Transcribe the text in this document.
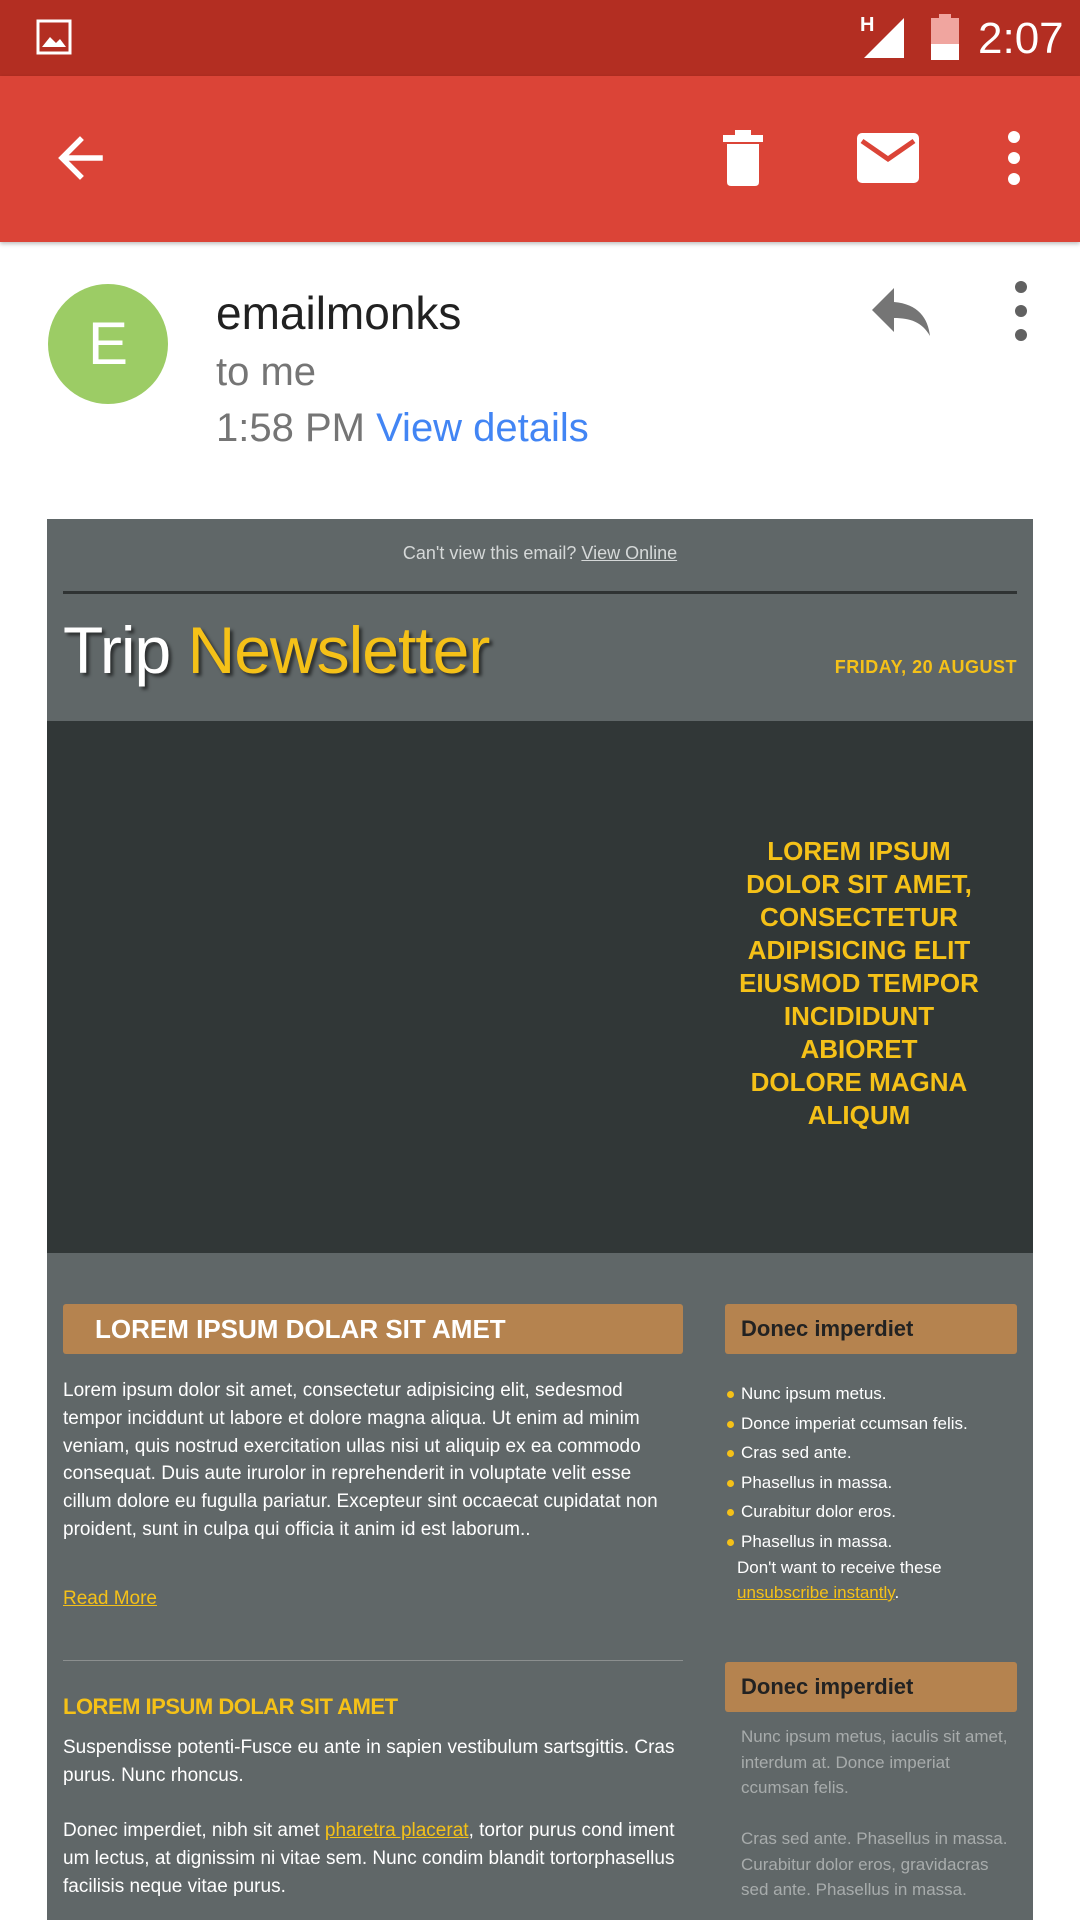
H 2:07
E	emailmonks
to me
1:58 PM View details
Can't view this email? View Online
Trip Newsletter	FRIDAY, 20 AUGUST
LOREM IPSUM
DOLOR SIT AMET,
CONSECTETUR
ADIPISICING ELIT
EIUSMOD TEMPOR
INCIDIDUNT
ABIORET
DOLORE MAGNA
ALIQUM
LOREM IPSUM DOLAR SIT AMET
Lorem ipsum dolor sit amet, consectetur adipisicing elit, sedesmod tempor inciddunt ut labore et dolore magna aliqua. Ut enim ad minim veniam, quis nostrud exercitation ullas nisi ut aliquip ex ea commodo consequat. Duis aute irurolor in reprehenderit in voluptate velit esse cillum dolore eu fugulla pariatur. Excepteur sint occaecat cupidatat non proident, sunt in culpa qui officia it anim id est laborum..
Read More
LOREM IPSUM DOLAR SIT AMET
Suspendisse potenti-Fusce eu ante in sapien vestibulum sartsgittis. Cras purus. Nunc rhoncus.
Donec imperdiet, nibh sit amet pharetra placerat, tortor purus cond iment um lectus, at dignissim ni vitae sem. Nunc condim blandit tortorphasellus facilisis neque vitae purus.
Donec imperdiet
Nunc ipsum metus.
Donce imperiat ccumsan felis.
Cras sed ante.
Phasellus in massa.
Curabitur dolor eros.
Phasellus in massa.
Don't want to receive these
unsubscribe instantly.
Donec imperdiet
Nunc ipsum metus, iaculis sit amet, interdum at. Donce imperiat ccumsan felis.
Cras sed ante. Phasellus in massa. Curabitur dolor eros, gravidacras sed ante. Phasellus in massa.
